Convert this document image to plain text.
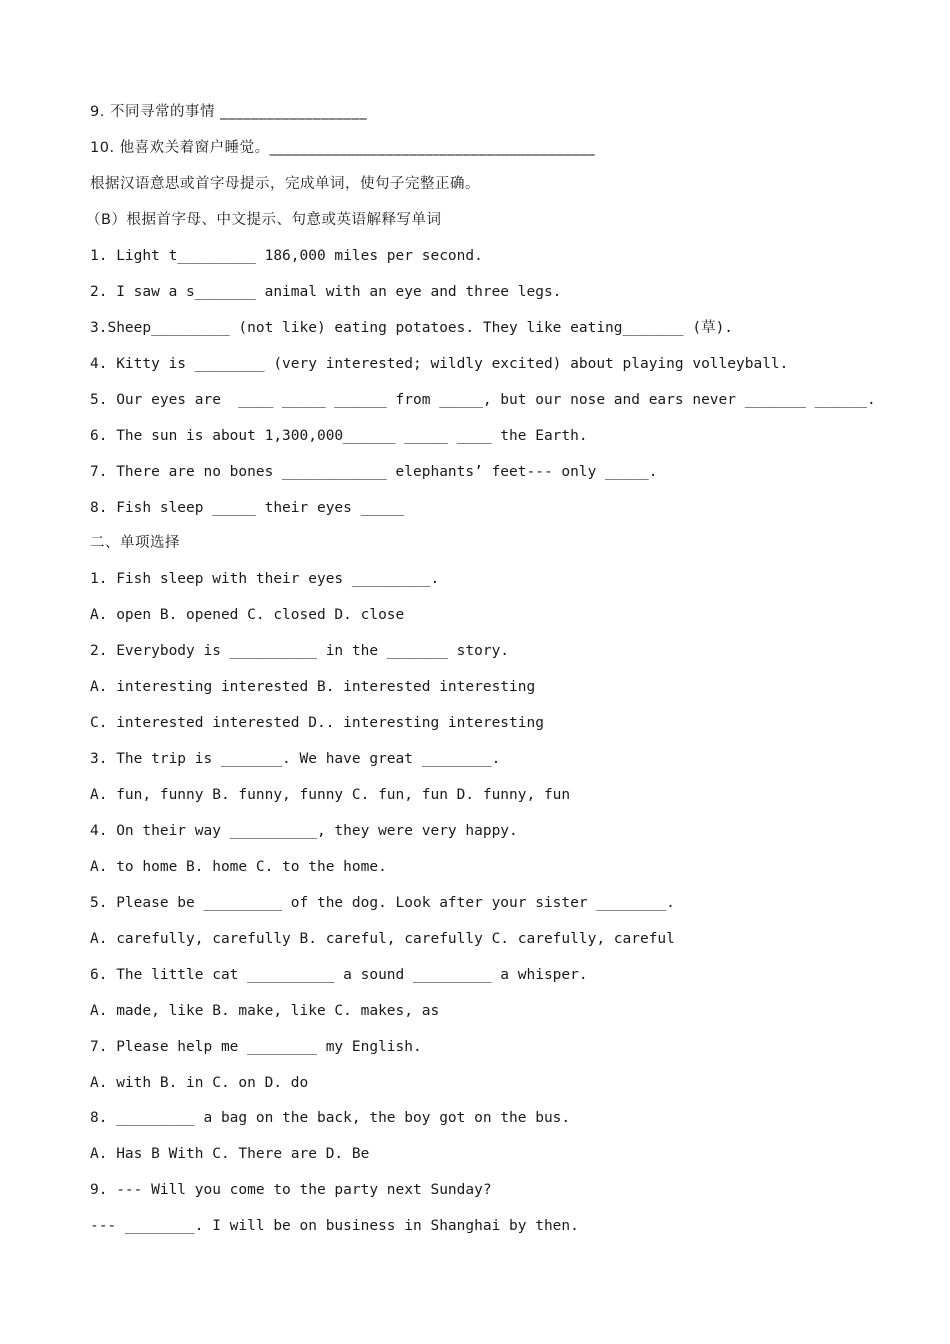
9. 不同寻常的事情 ___________________
10. 他喜欢关着窗户睡觉。__________________________________________
根据汉语意思或首字母提示，完成单词，使句子完整正确。
（B）根据首字母、中文提示、句意或英语解释写单词
1. Light t_________ 186,000 miles per second.
2. I saw a s_______ animal with an eye and three legs.
3.Sheep_________ (not like) eating potatoes. They like eating_______ (草).
4. Kitty is ________ (very interested; wildly excited) about playing volleyball.
5. Our eyes are  ____ _____ ______ from _____, but our nose and ears never _______ ______.
6. The sun is about 1,300,000______ _____ ____ the Earth.
7. There are no bones ____________ elephants’ feet--- only _____.
8. Fish sleep _____ their eyes _____
二、单项选择
1. Fish sleep with their eyes _________.
A. open B. opened C. closed D. close
2. Everybody is __________ in the _______ story.
A. interesting interested B. interested interesting
C. interested interested D.. interesting interesting
3. The trip is _______. We have great ________.
A. fun, funny B. funny, funny C. fun, fun D. funny, fun
4. On their way __________, they were very happy.
A. to home B. home C. to the home.
5. Please be _________ of the dog. Look after your sister ________.
A. carefully, carefully B. careful, carefully C. carefully, careful
6. The little cat __________ a sound _________ a whisper.
A. made, like B. make, like C. makes, as
7. Please help me ________ my English.
A. with B. in C. on D. do
8. _________ a bag on the back, the boy got on the bus.
A. Has B With C. There are D. Be
9. --- Will you come to the party next Sunday?
--- ________. I will be on business in Shanghai by then.
